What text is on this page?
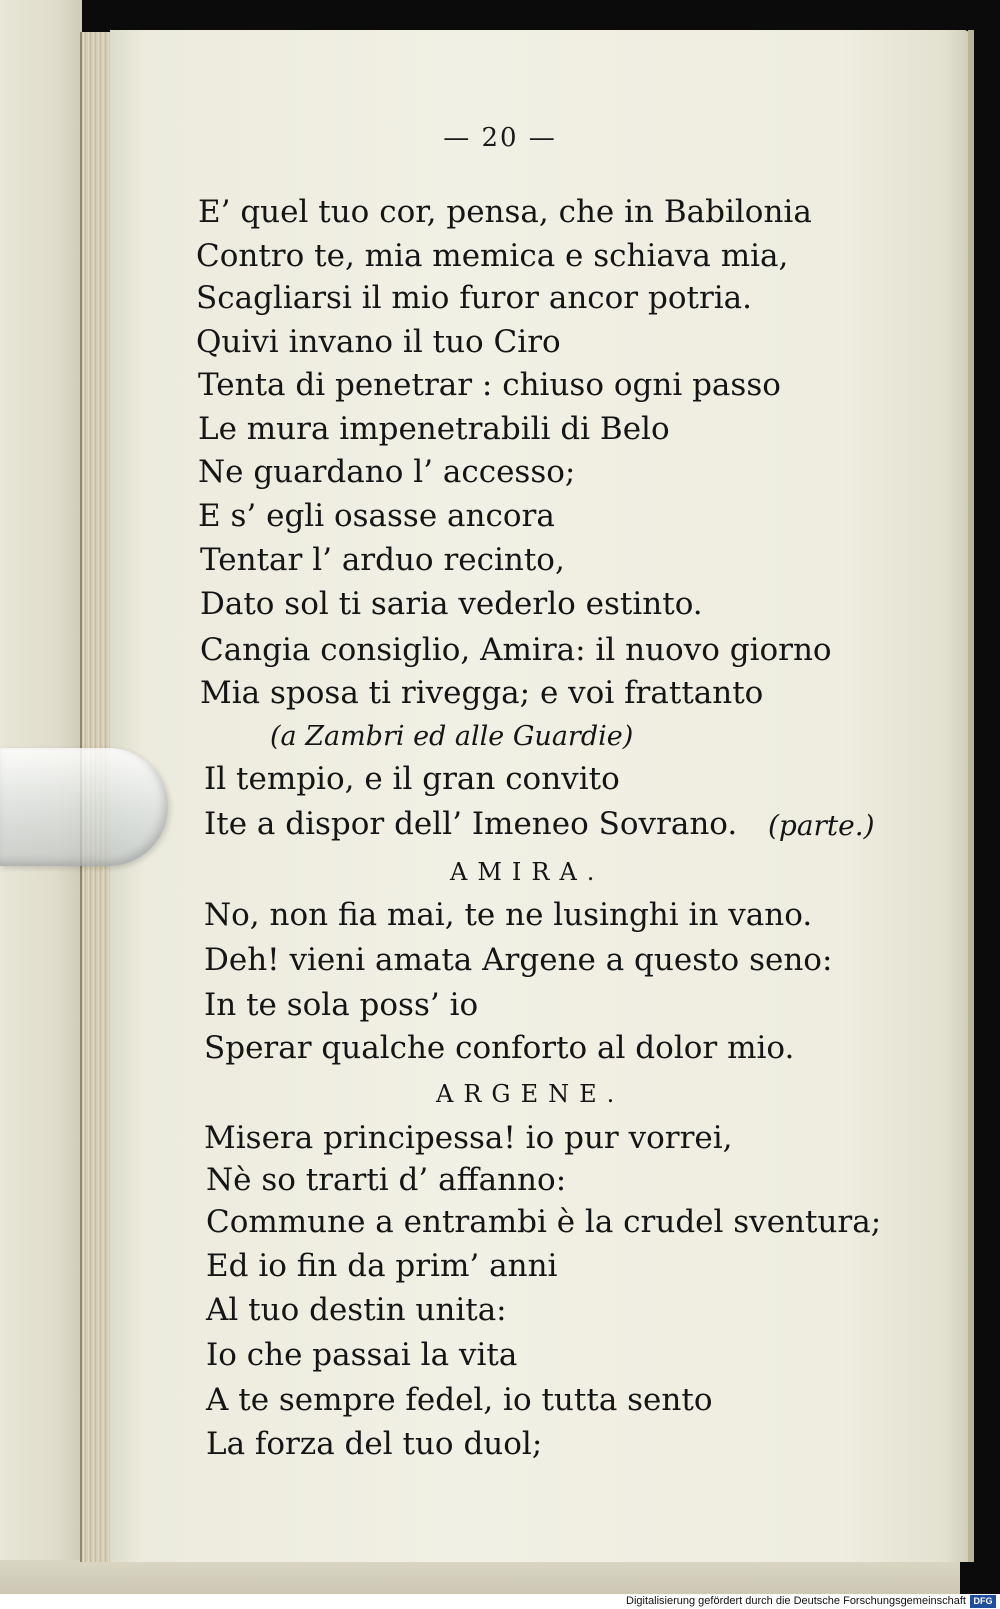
— 20 —
E’ quel tuo cor, pensa, che in Babilonia
Contro te, mia memica e schiava mia,
Scagliarsi il mio furor ancor potria.
Quivi invano il tuo Ciro
Tenta di penetrar : chiuso ogni passo
Le mura impenetrabili di Belo
Ne guardano l’ accesso;
E s’ egli osasse ancora
Tentar l’ arduo recinto,
Dato sol ti saria vederlo estinto.
Cangia consiglio, Amira: il nuovo giorno
Mia sposa ti rivegga; e voi frattanto
(a Zambri ed alle Guardie)
Il tempio, e il gran convito
Ite a dispor dell’ Imeneo Sovrano. (parte.)
AMIRA.
No, non fia mai, te ne lusinghi in vano.
Deh! vieni amata Argene a questo seno:
In te sola poss’ io
Sperar qualche conforto al dolor mio.
ARGENE.
Misera principessa! io pur vorrei,
Nè so trarti d’ affanno:
Commune a entrambi è la crudel sventura;
Ed io fin da prim’ anni
Al tuo destin unita:
Io che passai la vita
A te sempre fedel, io tutta sento
La forza del tuo duol;
Digitalisierung gefördert durch die Deutsche Forschungsgemeinschaft DFG
